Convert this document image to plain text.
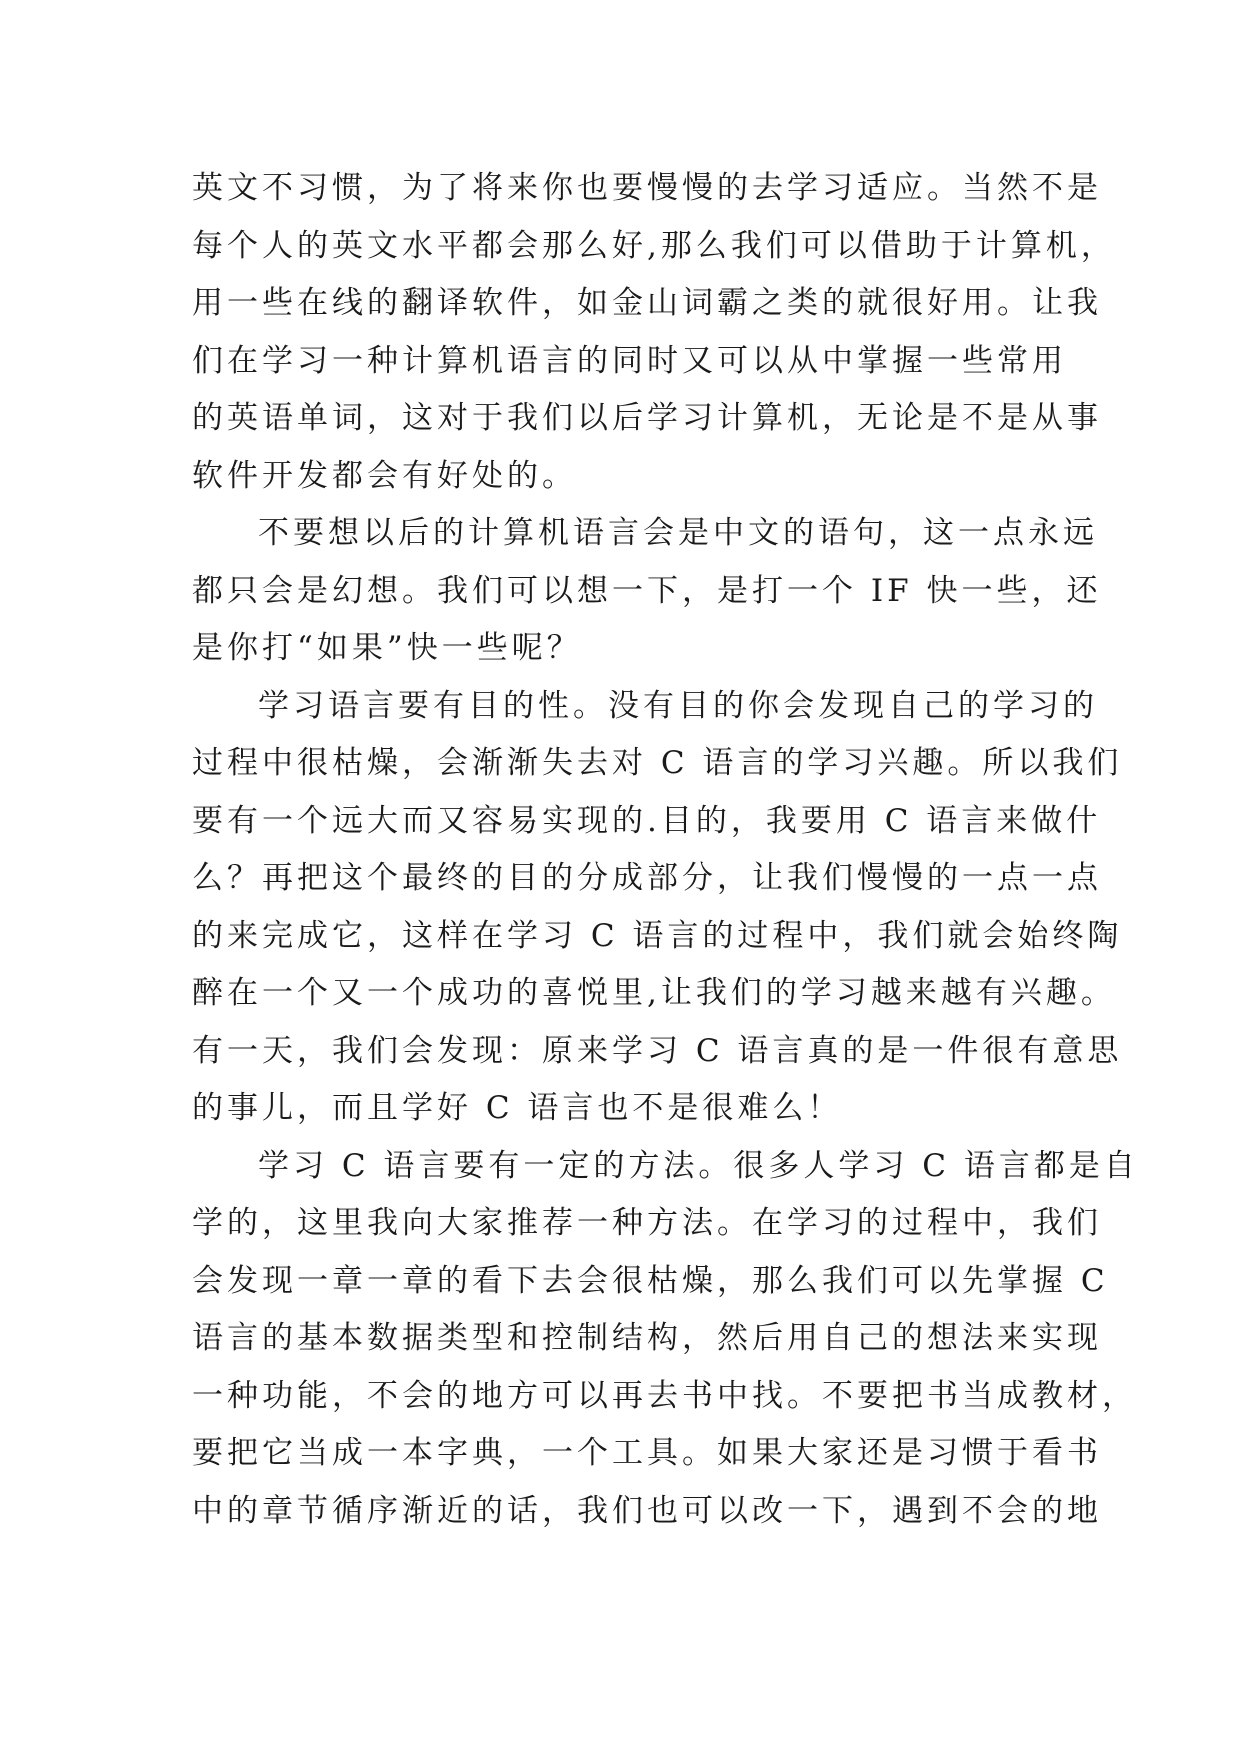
英文不习惯，为了将来你也要慢慢的去学习适应。当然不是
每个人的英文水平都会那么好,那么我们可以借助于计算机，
用一些在线的翻译软件，如金山词霸之类的就很好用。让我
们在学习一种计算机语言的同时又可以从中掌握一些常用
的英语单词，这对于我们以后学习计算机，无论是不是从事
软件开发都会有好处的。
不要想以后的计算机语言会是中文的语句，这一点永远
都只会是幻想。我们可以想一下，是打一个 IF 快一些，还
是你打“如果”快一些呢？
学习语言要有目的性。没有目的你会发现自己的学习的
过程中很枯燥，会渐渐失去对 C 语言的学习兴趣。所以我们
要有一个远大而又容易实现的.目的，我要用 C 语言来做什
么？再把这个最终的目的分成部分，让我们慢慢的一点一点
的来完成它，这样在学习 C 语言的过程中，我们就会始终陶
醉在一个又一个成功的喜悦里,让我们的学习越来越有兴趣。
有一天，我们会发现：原来学习 C 语言真的是一件很有意思
的事儿，而且学好 C 语言也不是很难么！
学习 C 语言要有一定的方法。很多人学习 C 语言都是自
学的，这里我向大家推荐一种方法。在学习的过程中，我们
会发现一章一章的看下去会很枯燥，那么我们可以先掌握 C
语言的基本数据类型和控制结构，然后用自己的想法来实现
一种功能，不会的地方可以再去书中找。不要把书当成教材，
要把它当成一本字典，一个工具。如果大家还是习惯于看书
中的章节循序渐近的话，我们也可以改一下，遇到不会的地
